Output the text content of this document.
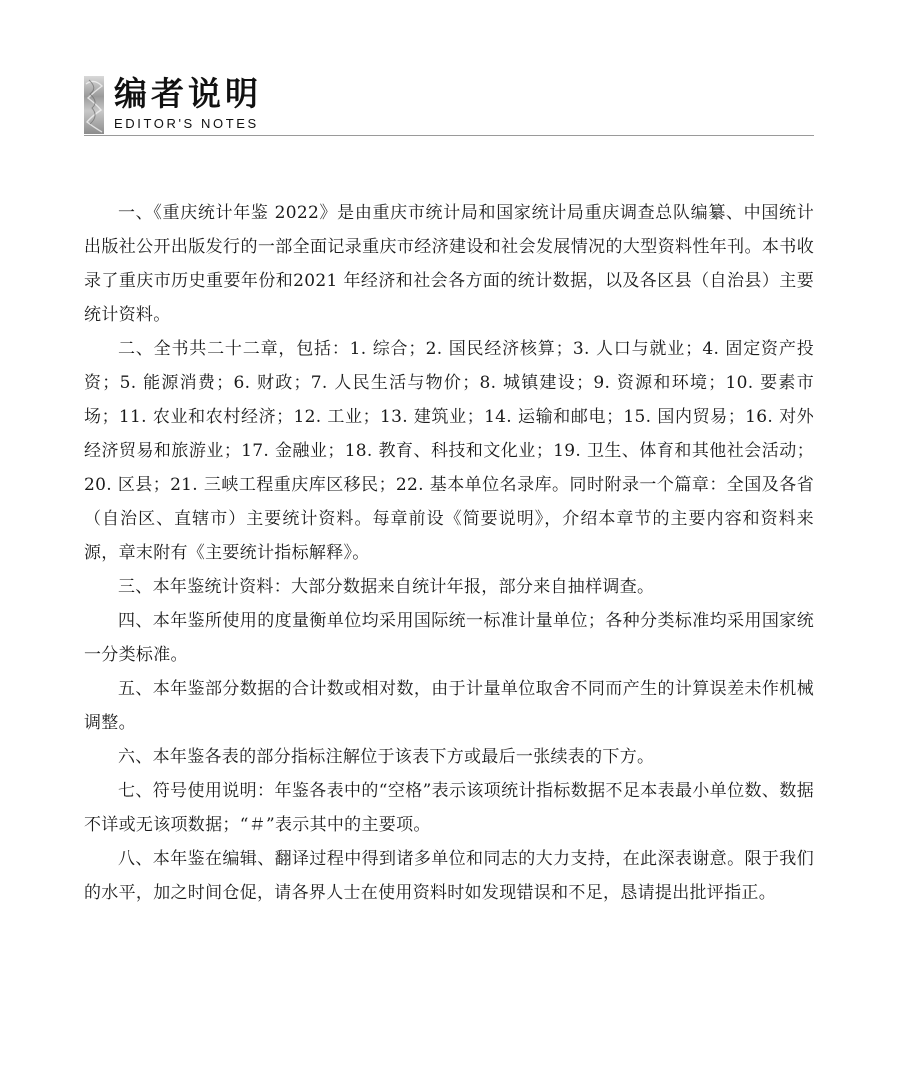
编者说明
EDITOR'S NOTES

一、《重庆统计年鉴 2022》是由重庆市统计局和国家统计局重庆调查总队编纂、中国统计出版社公开出版发行的一部全面记录重庆市经济建设和社会发展情况的大型资料性年刊。本书收录了重庆市历史重要年份和2021 年经济和社会各方面的统计数据，以及各区县（自治县）主要统计资料。

二、全书共二十二章，包括：1. 综合；2. 国民经济核算；3. 人口与就业；4. 固定资产投资；5. 能源消费；6. 财政；7. 人民生活与物价；8. 城镇建设；9. 资源和环境；10. 要素市场；11. 农业和农村经济；12. 工业；13. 建筑业；14. 运输和邮电；15. 国内贸易；16. 对外经济贸易和旅游业；17. 金融业；18. 教育、科技和文化业；19. 卫生、体育和其他社会活动；20. 区县；21. 三峡工程重庆库区移民；22. 基本单位名录库。同时附录一个篇章：全国及各省（自治区、直辖市）主要统计资料。每章前设《简要说明》，介绍本章节的主要内容和资料来源，章末附有《主要统计指标解释》。

三、本年鉴统计资料：大部分数据来自统计年报，部分来自抽样调查。

四、本年鉴所使用的度量衡单位均采用国际统一标准计量单位；各种分类标准均采用国家统一分类标准。

五、本年鉴部分数据的合计数或相对数，由于计量单位取舍不同而产生的计算误差未作机械调整。

六、本年鉴各表的部分指标注解位于该表下方或最后一张续表的下方。

七、符号使用说明：年鉴各表中的“空格”表示该项统计指标数据不足本表最小单位数、数据不详或无该项数据；“＃”表示其中的主要项。

八、本年鉴在编辑、翻译过程中得到诸多单位和同志的大力支持，在此深表谢意。限于我们的水平，加之时间仓促，请各界人士在使用资料时如发现错误和不足，恳请提出批评指正。
